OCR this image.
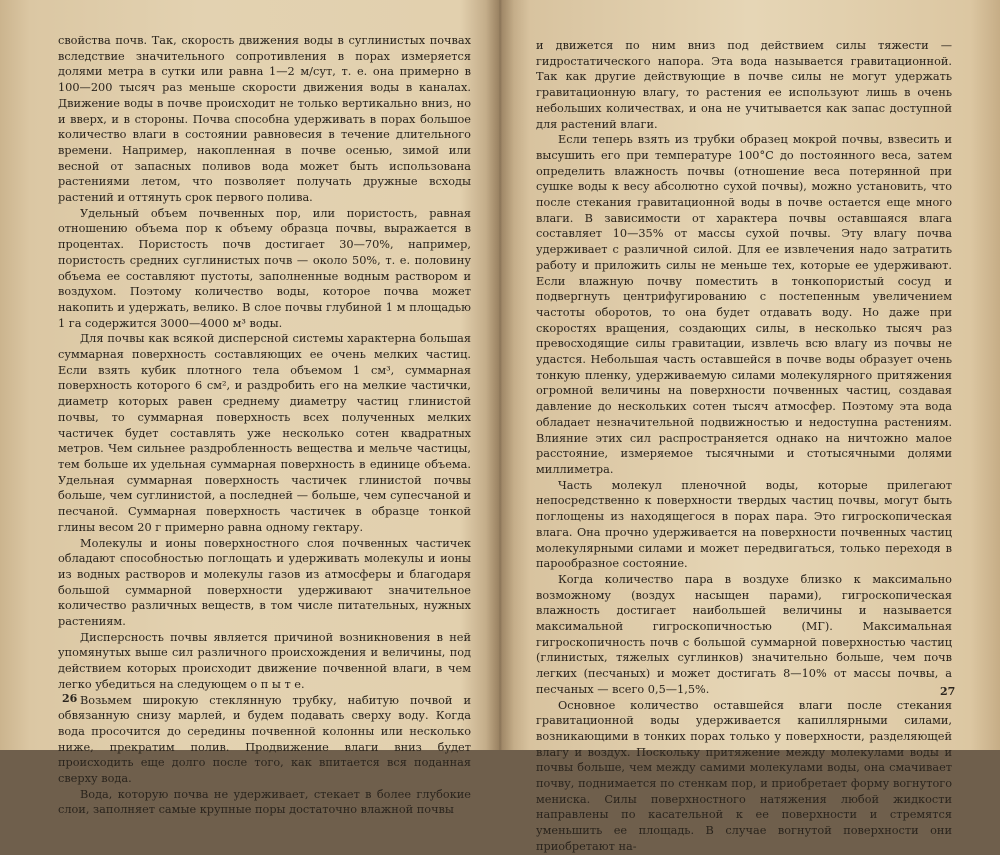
свойства почв. Так, скорость движения воды в суглинистых почвах вследствие значительного сопротивления в порах измеряется долями метра в сутки или равна 1—2 м/сут, т. е. она примерно в 100—200 тысяч раз меньше скорости движения воды в каналах. Движение воды в почве происходит не только вертикально вниз, но и вверх, и в стороны. Почва способна удерживать в порах большое количество влаги в состоянии равновесия в течение длительного времени. Например, накопленная в почве осенью, зимой или весной от запасных поливов вода может быть использована растениями летом, что позволяет получать дружные всходы растений и оттянуть срок первого полива.

Удельный объем почвенных пор, или пористость, равная отношению объема пор к объему образца почвы, выражается в процентах. Пористость почв достигает 30—70%, например, пористость средних суглинистых почв — около 50%, т. е. половину объема ее составляют пустоты, заполненные водным раствором и воздухом. Поэтому количество воды, которое почва может накопить и удержать, велико. В слое почвы глубиной 1 м площадью 1 га содержится 3000—4000 м³ воды.

Для почвы как всякой дисперсной системы характерна большая суммарная поверхность составляющих ее очень мелких частиц. Если взять кубик плотного тела объемом 1 см³, суммарная поверхность которого 6 см², и раздробить его на мелкие частички, диаметр которых равен среднему диаметру частиц глинистой почвы, то суммарная поверхность всех полученных мелких частичек будет составлять уже несколько сотен квадратных метров. Чем сильнее раздробленность вещества и мельче частицы, тем больше их удельная суммарная поверхность в единице объема. Удельная суммарная поверхность частичек глинистой почвы больше, чем суглинистой, а последней — больше, чем супесчаной и песчаной. Суммарная поверхность частичек в образце тонкой глины весом 20 г примерно равна одному гектару.

Молекулы и ионы поверхностного слоя почвенных частичек обладают способностью поглощать и удерживать молекулы и ионы из водных растворов и молекулы газов из атмосферы и благодаря большой суммарной поверхности удерживают значительное количество различных веществ, в том числе питательных, нужных растениям.

Дисперсность почвы является причиной возникновения в ней упомянутых выше сил различного происхождения и величины, под действием которых происходит движение почвенной влаги, в чем легко убедиться на следующем о п ы т е.

Возьмем широкую стеклянную трубку, набитую почвой и обвязанную снизу марлей, и будем подавать сверху воду. Когда вода просочится до середины почвенной колонны или несколько ниже, прекратим полив. Продвижение влаги вниз будет происходить еще долго после того, как впитается вся поданная сверху вода.

Вода, которую почва не удерживает, стекает в более глубокие слои, заполняет самые крупные поры достаточно влажной почвы

26

и движется по ним вниз под действием силы тяжести — гидростатического напора. Эта вода называется гравитационной. Так как другие действующие в почве силы не могут удержать гравитационную влагу, то растения ее используют лишь в очень небольших количествах, и она не учитывается как запас доступной для растений влаги.

Если теперь взять из трубки образец мокрой почвы, взвесить и высушить его при температуре 100°С до постоянного веса, затем определить влажность почвы (отношение веса потерянной при сушке воды к весу абсолютно сухой почвы), можно установить, что после стекания гравитационной воды в почве остается еще много влаги. В зависимости от характера почвы оставшаяся влага составляет 10—35% от массы сухой почвы. Эту влагу почва удерживает с различной силой. Для ее извлечения надо затратить работу и приложить силы не меньше тех, которые ее удерживают. Если влажную почву поместить в тонкопористый сосуд и подвергнуть центрифугированию с постепенным увеличением частоты оборотов, то она будет отдавать воду. Но даже при скоростях вращения, создающих силы, в несколько тысяч раз превосходящие силы гравитации, извлечь всю влагу из почвы не удастся. Небольшая часть оставшейся в почве воды образует очень тонкую пленку, удерживаемую силами молекулярного притяжения огромной величины на поверхности почвенных частиц, создавая давление до нескольких сотен тысяч атмосфер. Поэтому эта вода обладает незначительной подвижностью и недоступна растениям. Влияние этих сил распространяется однако на ничтожно малое расстояние, измеряемое тысячными и стотысячными долями миллиметра.

Часть молекул пленочной воды, которые прилегают непосредственно к поверхности твердых частиц почвы, могут быть поглощены из находящегося в порах пара. Это гигроскопическая влага. Она прочно удерживается на поверхности почвенных частиц молекулярными силами и может передвигаться, только переходя в парообразное состояние.

Когда количество пара в воздухе близко к максимально возможному (воздух насыщен парами), гигроскопическая влажность достигает наибольшей величины и называется максимальной гигроскопичностью (МГ). Максимальная гигроскопичность почв с большой суммарной поверхностью частиц (глинистых, тяжелых суглинков) значительно больше, чем почв легких (песчаных) и может достигать 8—10% от массы почвы, а песчаных — всего 0,5—1,5%.

Основное количество оставшейся влаги после стекания гравитационной воды удерживается капиллярными силами, возникающими в тонких порах только у поверхности, разделяющей влагу и воздух. Поскольку притяжение между молекулами воды и почвы больше, чем между самими молекулами воды, она смачивает почву, поднимается по стенкам пор, и приобретает форму вогнутого мениска. Силы поверхностного натяжения любой жидкости направлены по касательной к ее поверхности и стремятся уменьшить ее площадь. В случае вогнутой поверхности они приобретают на-

27
